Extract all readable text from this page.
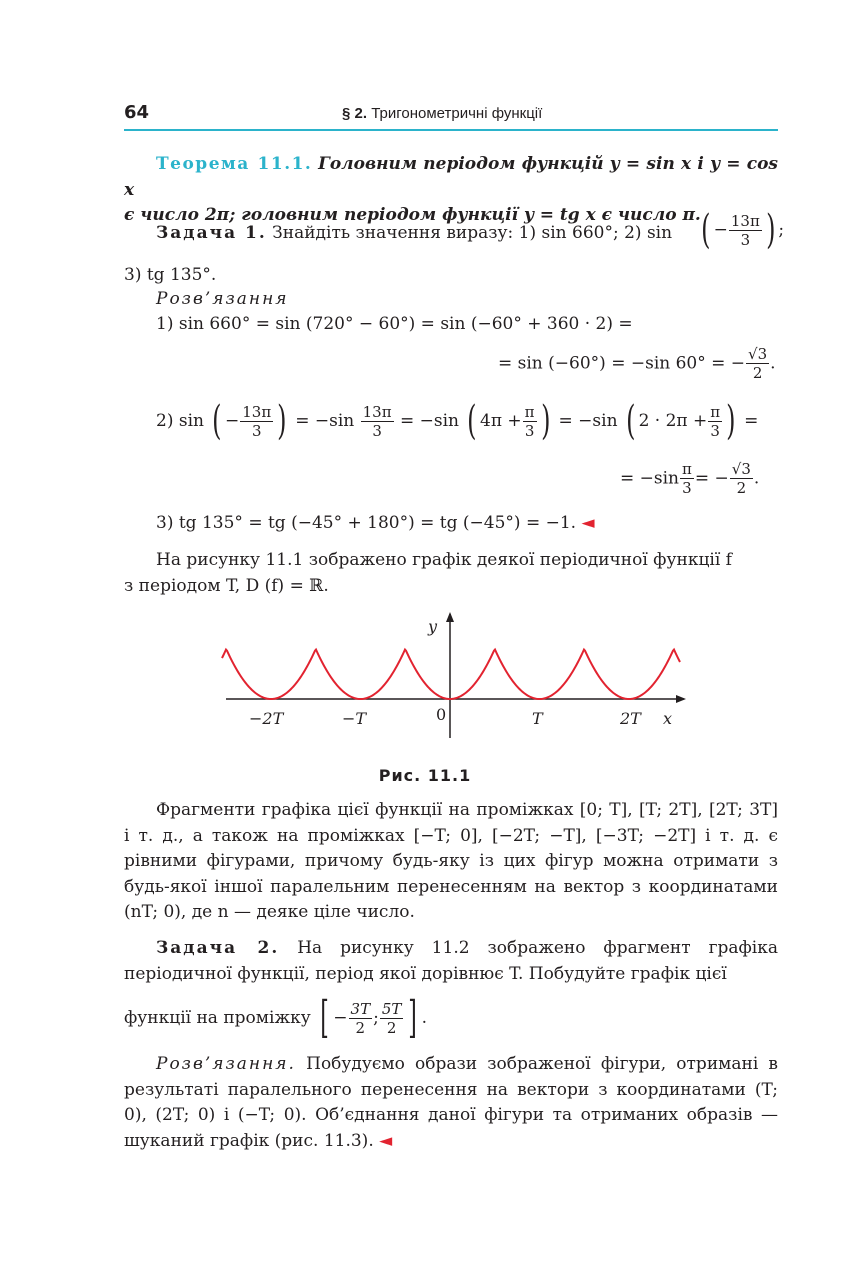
64	§ 2. Тригонометричні функції
Теорема 11.1. Головним періодом функцій y = sin x і y = cos x
є число 2π; головним періодом функції y = tg x є число π.
Задача 1. Знайдіть значення виразу: 1) sin 660°; 2) sin ( − $\frac{13\pi}{3}$ ) ;
3) tg 135°.
Розв’язання
1) sin 660° = sin (720° − 60°) = sin (−60° + 360 · 2) =
= sin (−60°) = −sin 60° = − $\frac{√3}{2}$ .
2) sin ( − $\frac{13\pi}{3}$ ) = $-\sin \frac{13\pi}{3} = -\sin$ ( $4\pi + \frac{\pi}{3}$ ) = −sin ( $2 \cdot 2\pi + \frac{\pi}{3}$ ) =
= $-\sin \frac{\pi}{3}$ = − $\frac{√3}{2}$ .
3) tg 135° = tg (−45° + 180°) = tg (−45°) = −1. ◄
На рисунку 11.1 зображено графік деякої періодичної функції f
з періодом T, D (f) = ℝ.
y
x
0
−2T	−T	T	2T
Рис. 11.1
Фрагменти графіка цієї функції на проміжках [0; T], [T; 2T], [2T; 3T] і т. д., а також на проміжках [−T; 0], [−2T; −T], [−3T; −2T] і т. д. є рівними фігурами, причому будь-яку із цих фігур можна отримати з будь-якої іншої паралельним перенесенням на вектор з координатами (nT; 0), де n — деяке ціле число.
Задача 2. На рисунку 11.2 зображено фрагмент графіка періодичної функції, період якої дорівнює T. Побудуйте графік цієї
функції на проміжку [ − $\frac{3T}{2}$ ; $\frac{5T}{2}$ ] .
Розв’язання. Побудуємо образи зображеної фігури, отримані в результаті паралельного перенесення на вектори з координатами (T; 0), (2T; 0) і (−T; 0). Об’єднання даної фігури та отриманих образів — шуканий графік (рис. 11.3). ◄
